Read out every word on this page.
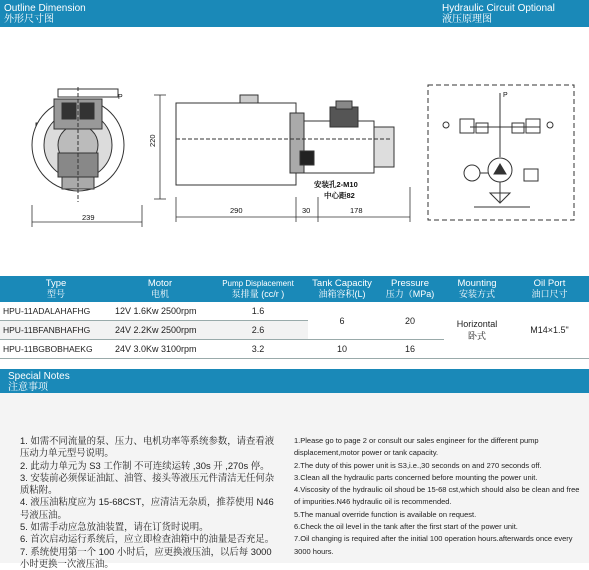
Outline Dimension
外形尺寸图
Hydraulic Circuit Optional
液压原理图
P
239
220
安装孔2-M10
中心距82
290	30	178
P
Type
型号	Motor
电机	Pump Displacement
泵排量 (cc/r )	Tank Capacity
油箱容积(L)	Pressure
压力（MPa)	Mounting
安装方式	Oil Port
油口尺寸

HPU-11ADALAHAFHG	12V 1.6Kw 2500rpm	1.6	6	20	Horizontal
卧式	M14×1.5"
HPU-11BFANBHAFHG	24V 2.2Kw 2500rpm	2.6				
HPU-11BGBOBHAEKG	24V 3.0Kw 3100rpm	3.2	10	16		
Special Notes
注意事项

1. 如需不同流量的泵、压力、电机功率等系统参数，请查看液压动力单元型号说明。

2. 此动力单元为 S3 工作制 不可连续运转 ,30s 开 ,270s 停。

3. 安装前必须保证油缸、油管、接头等液压元件清洁无任何杂质粘附。

4. 液压油粘度应为 15-68CST，应清洁无杂质，推荐使用 N46 号液压油。

5. 如需手动应急放油装置，请在订货时说明。

6. 首次启动运行系统后，应立即检查油箱中的油量是否充足。

7. 系统使用第一个 100 小时后，应更换液压油，以后每 3000 小时更换一次液压油。

1.Please go to page 2 or consult our sales engineer for the different pump displacement,motor power or tank capacity.

2.The duty of this power unit is S3,i.e.,30 seconds on and 270 seconds off.

3.Clean all the hydraulic parts concerned before mounting the power unit.

4.Viscosity of the hydraulic oil shoud be 15-68 cst,which should also be clean and free of impurities.N46 hydraulic oil is recommended.

5.The manual override function is available on request.

6.Check the oil level in the tank after the first start of the power unit.

7.Oil changing is required after the initial 100 operation hours.afterwards once every 3000 hours.
